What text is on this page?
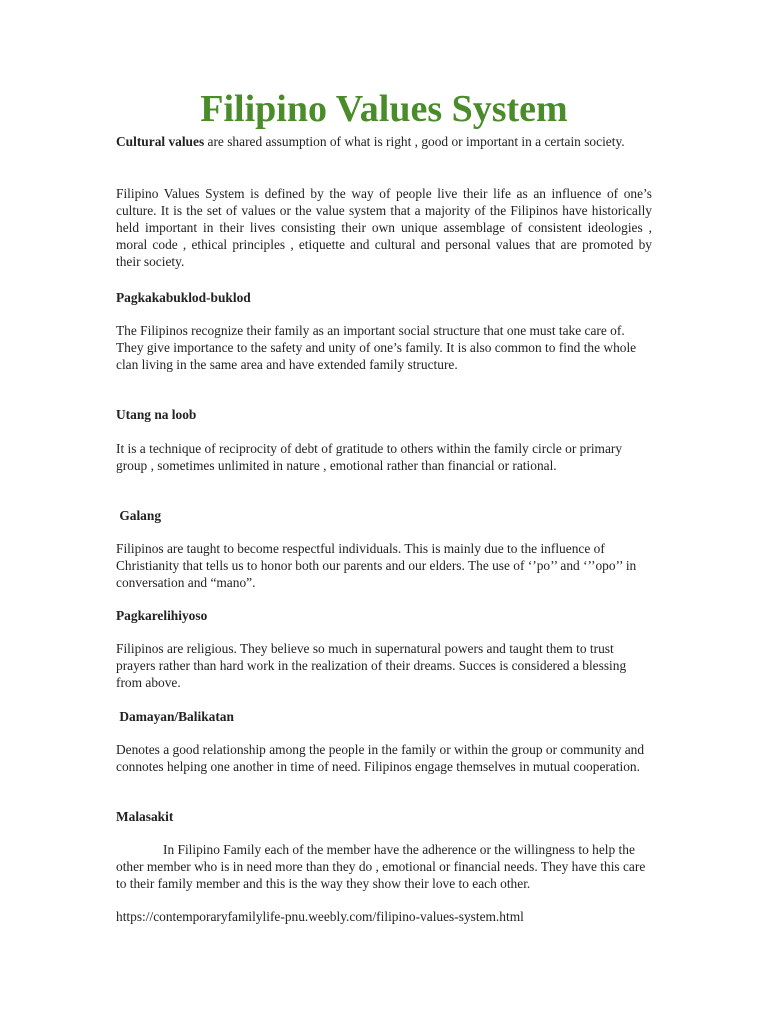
Filipino Values System

Cultural values are shared assumption of what is right , good or important in a certain society.

Filipino Values System is defined by the way of people live their life as an influence of one’s culture. It is the set of values or the value system that a majority of the Filipinos have historically held important in their lives consisting their own unique assemblage of consistent ideologies , moral code , ethical principles , etiquette and cultural and personal values that are promoted by their society.

Pagkakabuklod-buklod

The Filipinos recognize their family as an important social structure that one must take care of. They give importance to the safety and unity of one’s family. It is also common to find the whole clan living in the same area and have extended family structure.

Utang na loob

It is a technique of reciprocity of debt of gratitude to others within the family circle or primary group , sometimes unlimited in nature , emotional rather than financial or rational.

Galang

Filipinos are taught to become respectful individuals. This is mainly due to the influence of Christianity that tells us to honor both our parents and our elders. The use of ‘’po’’ and ‘’’opo’’ in conversation and “mano”.

Pagkarelihiyoso

Filipinos are religious. They believe so much in supernatural powers and taught them to trust prayers rather than hard work in the realization of their dreams. Succes is considered a blessing from above.

Damayan/Balikatan

Denotes a good relationship among the people in the family or within the group or community and connotes helping one another in time of need. Filipinos engage themselves in mutual cooperation.

Malasakit

In Filipino Family each of the member have the adherence or the willingness to help the other member who is in need more than they do , emotional or financial needs. They have this care to their family member and this is the way they show their love to each other.

https://contemporaryfamilylife-pnu.weebly.com/filipino-values-system.html
